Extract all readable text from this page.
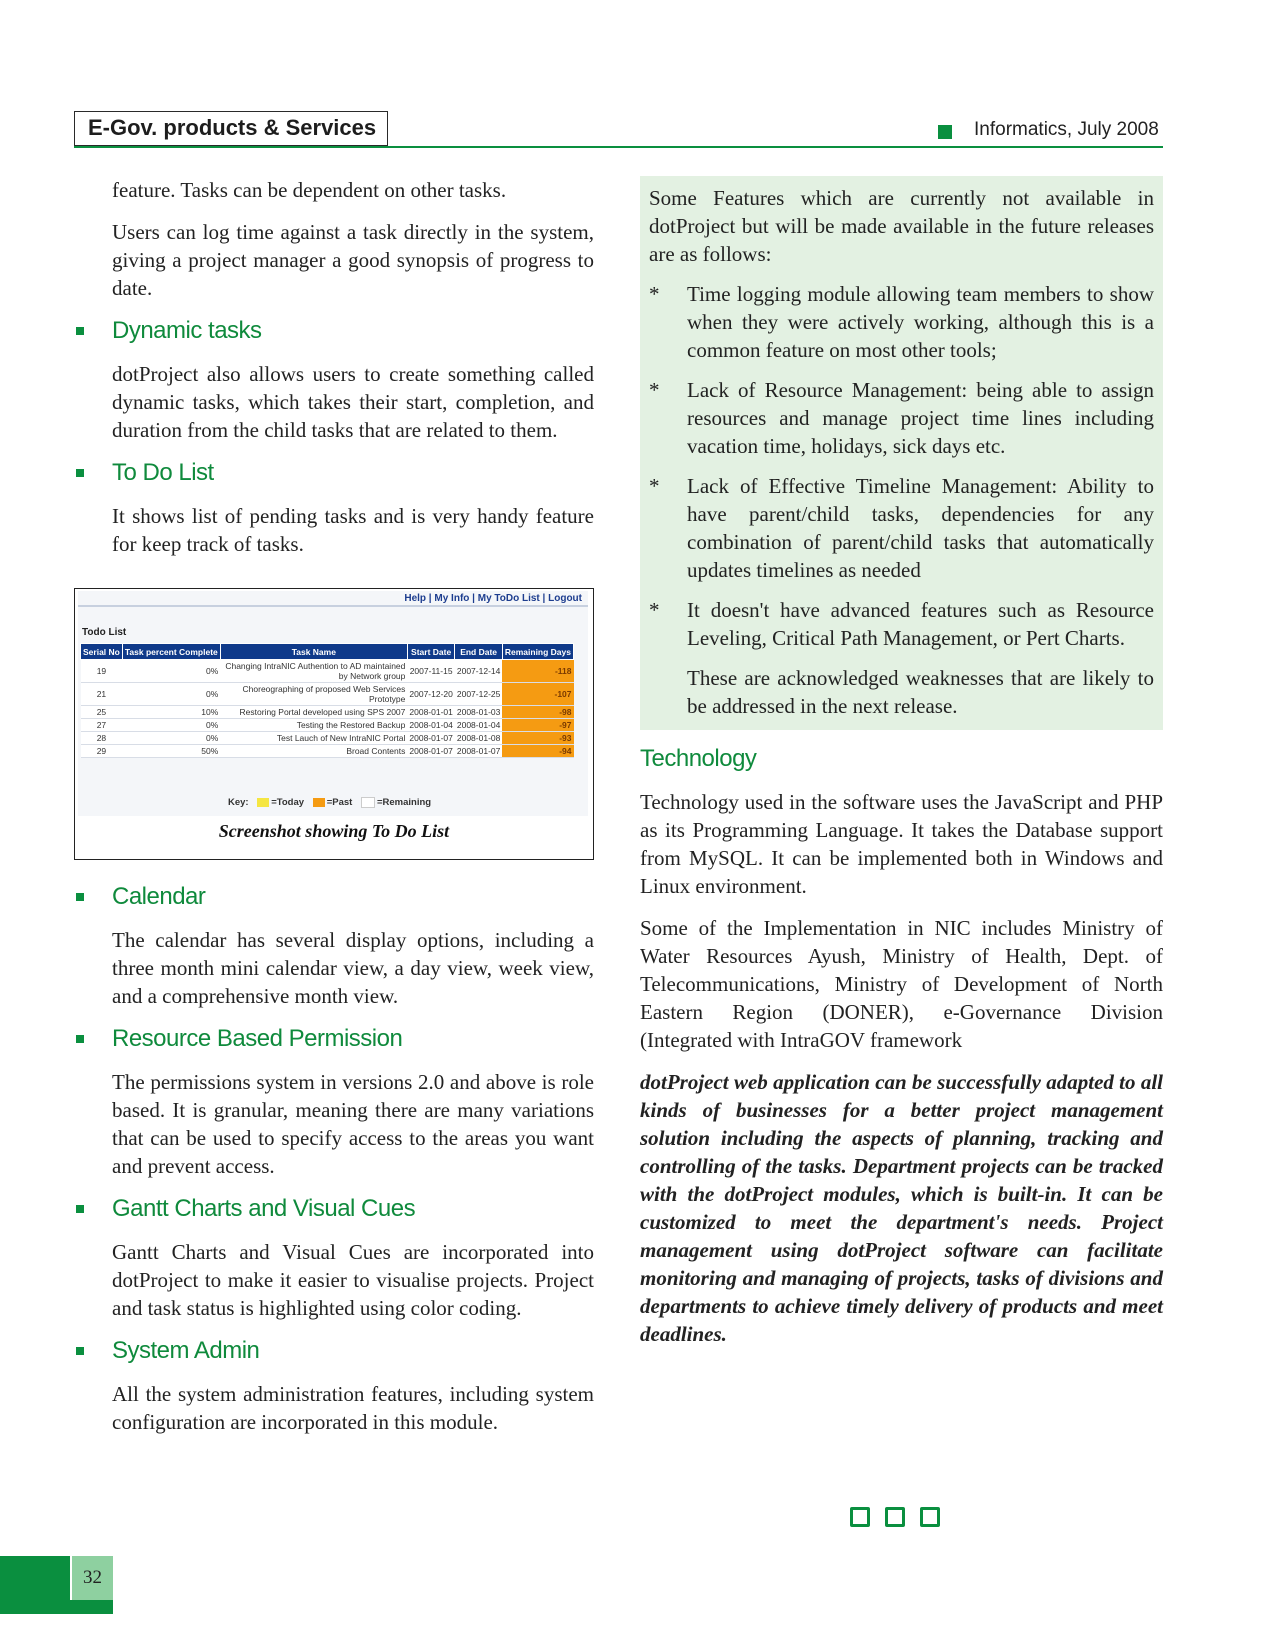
E-Gov. products & Services	Informatics, July 2008

feature. Tasks can be dependent on other tasks.

Users can log time against a task directly in the system, giving a project manager a good synopsis of progress to date.

Dynamic tasks

dotProject also allows users to create something called dynamic tasks, which takes their start, completion, and duration from the child tasks that are related to them.

To Do List

It shows list of pending tasks and is very handy feature for keep track of tasks.

Help | My Info | My ToDo List | Logout
Todo List
Serial No	Task percent Complete	Task Name	Start Date	End Date	Remaining Days
19	0%	Changing IntraNIC Authention to AD maintained by Network group	2007-11-15	2007-12-14	-118
21	0%	Choreographing of proposed Web Services Prototype	2007-12-20	2007-12-25	-107
25	10%	Restoring Portal developed using SPS 2007	2008-01-01	2008-01-03	-98
27	0%	Testing the Restored Backup	2008-01-04	2008-01-04	-97
28	0%	Test Lauch of New IntraNIC Portal	2008-01-07	2008-01-08	-93
29	50%	Broad Contents	2008-01-07	2008-01-07	-94
Key: =Today =Past	=Remaining
Screenshot showing To Do List
Calendar

The calendar has several display options, including a three month mini calendar view, a day view, week view, and a comprehensive month view.

Resource Based Permission

The permissions system in versions 2.0 and above is role based. It is granular, meaning there are many variations that can be used to specify access to the areas you want and prevent access.

Gantt Charts and Visual Cues

Gantt Charts and Visual Cues are incorporated into dotProject to make it easier to visualise projects. Project and task status is highlighted using color coding.

System Admin

All the system administration features, including system configuration are incorporated in this module.

Some Features which are currently not available in dotProject but will be made available in the future releases are as follows:

* Time logging module allowing team members to show when they were actively working, although this is a common feature on most other tools;

* Lack of Resource Management: being able to assign resources and manage project time lines including vacation time, holidays, sick days etc.

* Lack of Effective Timeline Management: Ability to have parent/child tasks, dependencies for any combination of parent/child tasks that automatically updates timelines as needed

* It doesn't have advanced features such as Resource Leveling, Critical Path Management, or Pert Charts.

These are acknowledged weaknesses that are likely to be addressed in the next release.

Technology

Technology used in the software uses the JavaScript and PHP as its Programming Language. It takes the Database support from MySQL. It can be implemented both in Windows and Linux environment.

Some of the Implementation in NIC includes Ministry of Water Resources Ayush, Ministry of Health, Dept. of Telecommunications, Ministry of Development of North Eastern Region (DONER), e-Governance Division (Integrated with IntraGOV framework

dotProject web application can be successfully adapted to all kinds of businesses for a better project management solution including the aspects of planning, tracking and controlling of the tasks. Department projects can be tracked with the dotProject modules, which is built-in. It can be customized to meet the department's needs. Project management using dotProject software can facilitate monitoring and managing of projects, tasks of divisions and departments to achieve timely delivery of products and meet deadlines.

32
